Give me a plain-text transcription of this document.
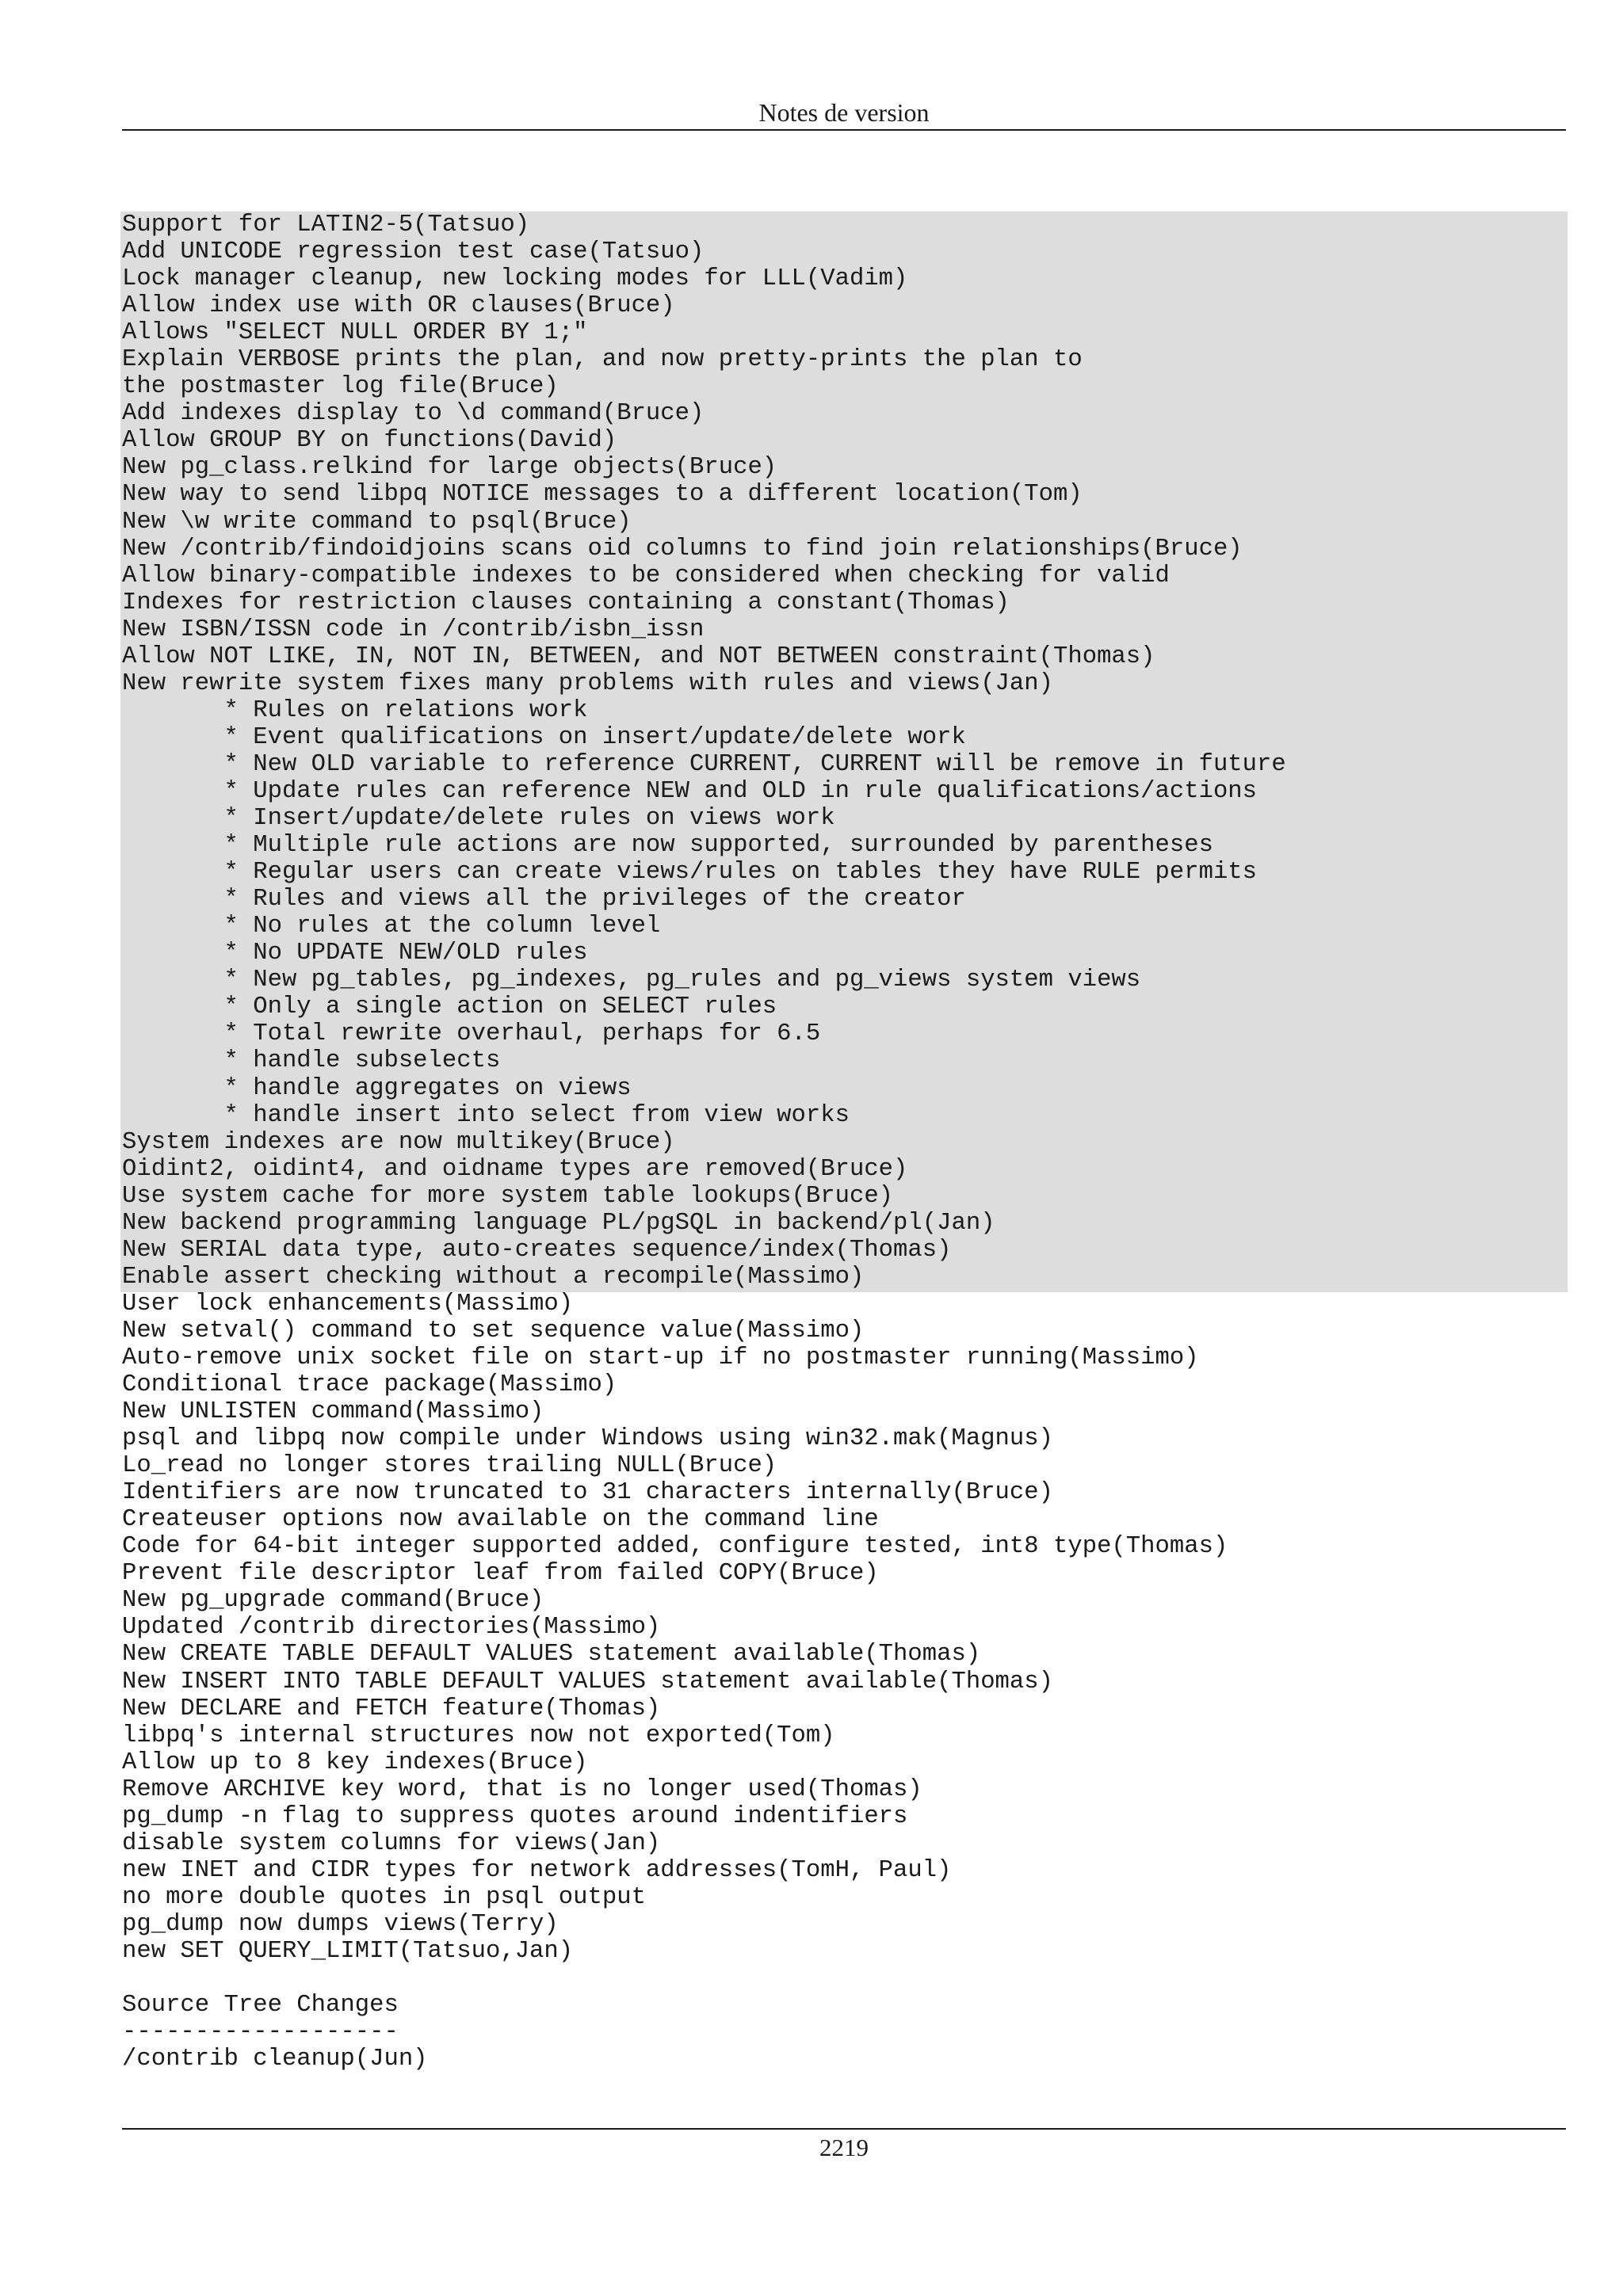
Notes de version
Support for LATIN2-5(Tatsuo)
Add UNICODE regression test case(Tatsuo)
Lock manager cleanup, new locking modes for LLL(Vadim)
Allow index use with OR clauses(Bruce)
Allows "SELECT NULL ORDER BY 1;"
Explain VERBOSE prints the plan, and now pretty-prints the plan to
the postmaster log file(Bruce)
Add indexes display to \d command(Bruce)
Allow GROUP BY on functions(David)
New pg_class.relkind for large objects(Bruce)
New way to send libpq NOTICE messages to a different location(Tom)
New \w write command to psql(Bruce)
New /contrib/findoidjoins scans oid columns to find join relationships(Bruce)
Allow binary-compatible indexes to be considered when checking for valid
Indexes for restriction clauses containing a constant(Thomas)
New ISBN/ISSN code in /contrib/isbn_issn
Allow NOT LIKE, IN, NOT IN, BETWEEN, and NOT BETWEEN constraint(Thomas)
New rewrite system fixes many problems with rules and views(Jan)
* Rules on relations work
* Event qualifications on insert/update/delete work
* New OLD variable to reference CURRENT, CURRENT will be remove in future
* Update rules can reference NEW and OLD in rule qualifications/actions
* Insert/update/delete rules on views work
* Multiple rule actions are now supported, surrounded by parentheses
* Regular users can create views/rules on tables they have RULE permits
* Rules and views all the privileges of the creator
* No rules at the column level
* No UPDATE NEW/OLD rules
* New pg_tables, pg_indexes, pg_rules and pg_views system views
* Only a single action on SELECT rules
* Total rewrite overhaul, perhaps for 6.5
* handle subselects
* handle aggregates on views
* handle insert into select from view works
System indexes are now multikey(Bruce)
Oidint2, oidint4, and oidname types are removed(Bruce)
Use system cache for more system table lookups(Bruce)
New backend programming language PL/pgSQL in backend/pl(Jan)
New SERIAL data type, auto-creates sequence/index(Thomas)
Enable assert checking without a recompile(Massimo)
User lock enhancements(Massimo)
New setval() command to set sequence value(Massimo)
Auto-remove unix socket file on start-up if no postmaster running(Massimo)
Conditional trace package(Massimo)
New UNLISTEN command(Massimo)
psql and libpq now compile under Windows using win32.mak(Magnus)
Lo_read no longer stores trailing NULL(Bruce)
Identifiers are now truncated to 31 characters internally(Bruce)
Createuser options now available on the command line
Code for 64-bit integer supported added, configure tested, int8 type(Thomas)
Prevent file descriptor leaf from failed COPY(Bruce)
New pg_upgrade command(Bruce)
Updated /contrib directories(Massimo)
New CREATE TABLE DEFAULT VALUES statement available(Thomas)
New INSERT INTO TABLE DEFAULT VALUES statement available(Thomas)
New DECLARE and FETCH feature(Thomas)
libpq's internal structures now not exported(Tom)
Allow up to 8 key indexes(Bruce)
Remove ARCHIVE key word, that is no longer used(Thomas)
pg_dump -n flag to suppress quotes around indentifiers
disable system columns for views(Jan)
new INET and CIDR types for network addresses(TomH, Paul)
no more double quotes in psql output
pg_dump now dumps views(Terry)
new SET QUERY_LIMIT(Tatsuo,Jan)
Source Tree Changes
-------------------
/contrib cleanup(Jun)
2219
